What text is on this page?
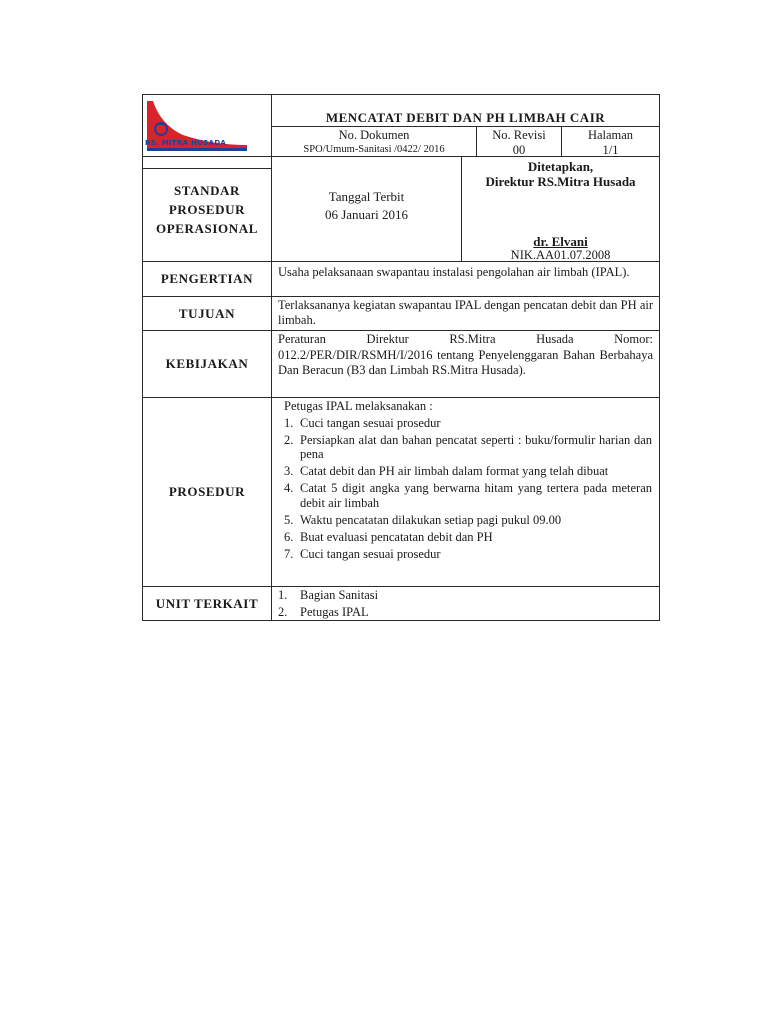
RS. MITRA HUSADA
MENCATAT DEBIT DAN PH LIMBAH CAIR
No. Dokumen
SPO/Umum-Sanitasi /0422/ 2016
No. Revisi
00
Halaman
1/1
STANDAR
PROSEDUR
OPERASIONAL
Tanggal Terbit
06 Januari 2016
Ditetapkan,
Direktur RS.Mitra Husada
dr. Elvani
NIK.AA01.07.2008
PENGERTIAN Usaha pelaksanaan swapantau instalasi pengolahan air limbah (IPAL).
TUJUAN
Terlaksananya kegiatan swapantau IPAL dengan pencatan debit dan PH air limbah.
KEBIJAKAN
Peraturan Direktur RS.Mitra Husada Nomor: 012.2/PER/DIR/RSMH/I/2016 tentang Penyelenggaran Bahan Berbahaya Dan Beracun (B3 dan Limbah RS.Mitra Husada).
PROSEDUR
Petugas IPAL melaksanakan :
1. Cuci tangan sesuai prosedur
2. Persiapkan alat dan bahan pencatat seperti : buku/formulir harian dan pena
3. Catat debit dan PH air limbah dalam format yang telah dibuat
4. Catat 5 digit angka yang berwarna hitam yang tertera pada meteran debit air limbah
5. Waktu pencatatan dilakukan setiap pagi pukul 09.00
6. Buat evaluasi pencatatan debit dan PH
7. Cuci tangan sesuai prosedur
UNIT TERKAIT
1.	Bagian Sanitasi
2.	Petugas IPAL
